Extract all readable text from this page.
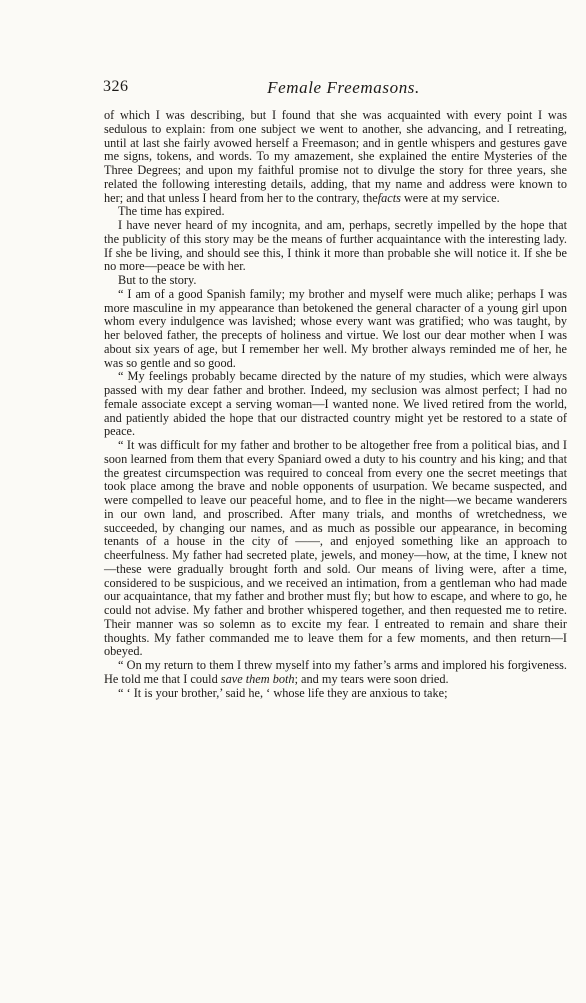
326	Female Freemasons.

of which I was describing, but I found that she was acquainted with every point I was sedulous to explain: from one subject we went to another, she advancing, and I retreating, until at last she fairly avowed herself a Freemason; and in gentle whispers and gestures gave me signs, tokens, and words. To my amazement, she explained the entire Mysteries of the Three Degrees; and upon my faithful promise not to divulge the story for three years, she related the following interesting details, adding, that my name and address were known to her; and that unless I heard from her to the contrary, thefacts were at my service.

The time has expired.

I have never heard of my incognita, and am, perhaps, secretly impelled by the hope that the publicity of this story may be the means of further acquaintance with the interesting lady. If she be living, and should see this, I think it more than probable she will notice it. If she be no more—peace be with her.

But to the story.

“ I am of a good Spanish family; my brother and myself were much alike; perhaps I was more masculine in my appearance than betokened the general character of a young girl upon whom every indulgence was lavished; whose every want was gratified; who was taught, by her beloved father, the precepts of holiness and virtue. We lost our dear mother when I was about six years of age, but I remember her well. My brother always reminded me of her, he was so gentle and so good.

“ My feelings probably became directed by the nature of my studies, which were always passed with my dear father and brother. Indeed, my seclusion was almost perfect; I had no female associate except a serving woman—I wanted none. We lived retired from the world, and patiently abided the hope that our distracted country might yet be restored to a state of peace.

“ It was difficult for my father and brother to be altogether free from a political bias, and I soon learned from them that every Spaniard owed a duty to his country and his king; and that the greatest circumspection was required to conceal from every one the secret meetings that took place among the brave and noble opponents of usurpation. We became suspected, and were compelled to leave our peaceful home, and to flee in the night—we became wanderers in our own land, and proscribed. After many trials, and months of wretchedness, we succeeded, by changing our names, and as much as possible our appearance, in becoming tenants of a house in the city of ——, and enjoyed something like an approach to cheerfulness. My father had secreted plate, jewels, and money—how, at the time, I knew not—these were gradually brought forth and sold. Our means of living were, after a time, considered to be suspicious, and we received an intimation, from a gentleman who had made our acquaintance, that my father and brother must fly; but how to escape, and where to go, he could not advise. My father and brother whispered together, and then requested me to retire. Their manner was so solemn as to excite my fear. I entreated to remain and share their thoughts. My father commanded me to leave them for a few moments, and then return—I obeyed.

“ On my return to them I threw myself into my father’s arms and implored his forgiveness. He told me that I could save them both; and my tears were soon dried.

“ ‘ It is your brother,’ said he, ‘ whose life they are anxious to take;
